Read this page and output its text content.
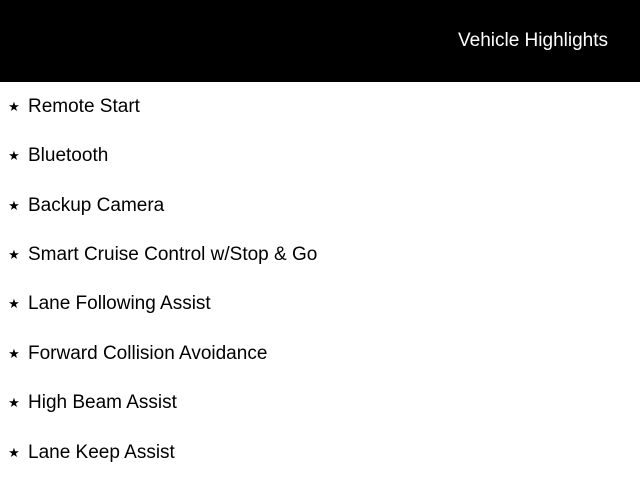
Vehicle Highlights
★ Remote Start
★ Bluetooth
★ Backup Camera
★ Smart Cruise Control w/Stop & Go
★ Lane Following Assist
★ Forward Collision Avoidance
★ High Beam Assist
★ Lane Keep Assist
